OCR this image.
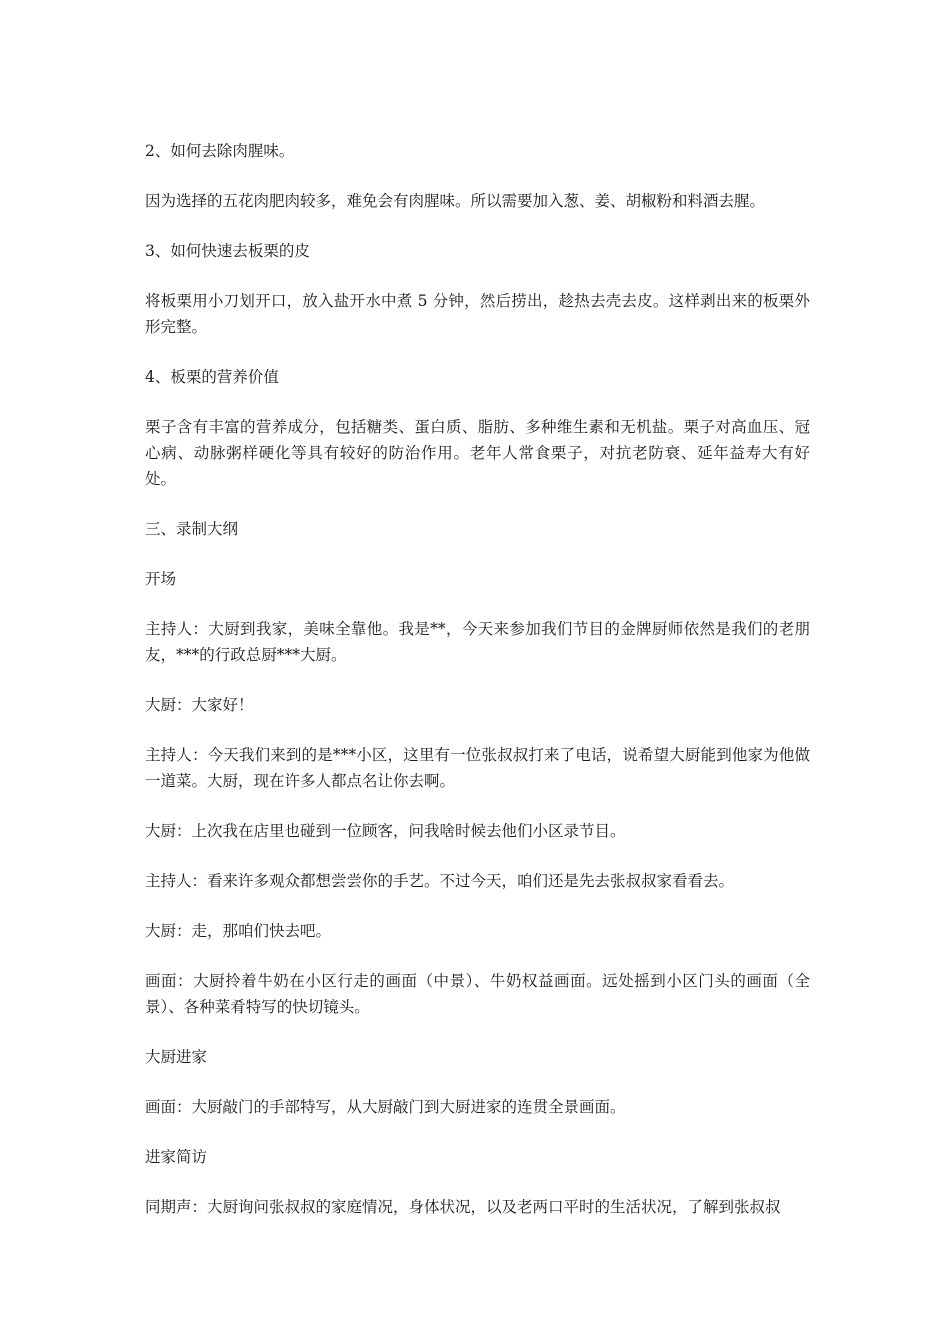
2、如何去除肉腥味。

因为选择的五花肉肥肉较多，难免会有肉腥味。所以需要加入葱、姜、胡椒粉和料酒去腥。

3、如何快速去板栗的皮

将板栗用小刀划开口，放入盐开水中煮 5 分钟，然后捞出，趁热去壳去皮。这样剥出来的板栗外形完整。

4、板栗的营养价值

栗子含有丰富的营养成分，包括糖类、蛋白质、脂肪、多种维生素和无机盐。栗子对高血压、冠心病、动脉粥样硬化等具有较好的防治作用。老年人常食栗子，对抗老防衰、延年益寿大有好处。

三、录制大纲

开场

主持人：大厨到我家，美味全靠他。我是**，今天来参加我们节目的金牌厨师依然是我们的老朋友，***的行政总厨***大厨。

大厨：大家好！

主持人：今天我们来到的是***小区，这里有一位张叔叔打来了电话，说希望大厨能到他家为他做一道菜。大厨，现在许多人都点名让你去啊。

大厨：上次我在店里也碰到一位顾客，问我啥时候去他们小区录节目。

主持人：看来许多观众都想尝尝你的手艺。不过今天，咱们还是先去张叔叔家看看去。

大厨：走，那咱们快去吧。

画面：大厨拎着牛奶在小区行走的画面（中景）、牛奶权益画面。远处摇到小区门头的画面（全景）、各种菜肴特写的快切镜头。

大厨进家

画面：大厨敲门的手部特写，从大厨敲门到大厨进家的连贯全景画面。

进家简访

同期声：大厨询问张叔叔的家庭情况，身体状况，以及老两口平时的生活状况，了解到张叔叔
